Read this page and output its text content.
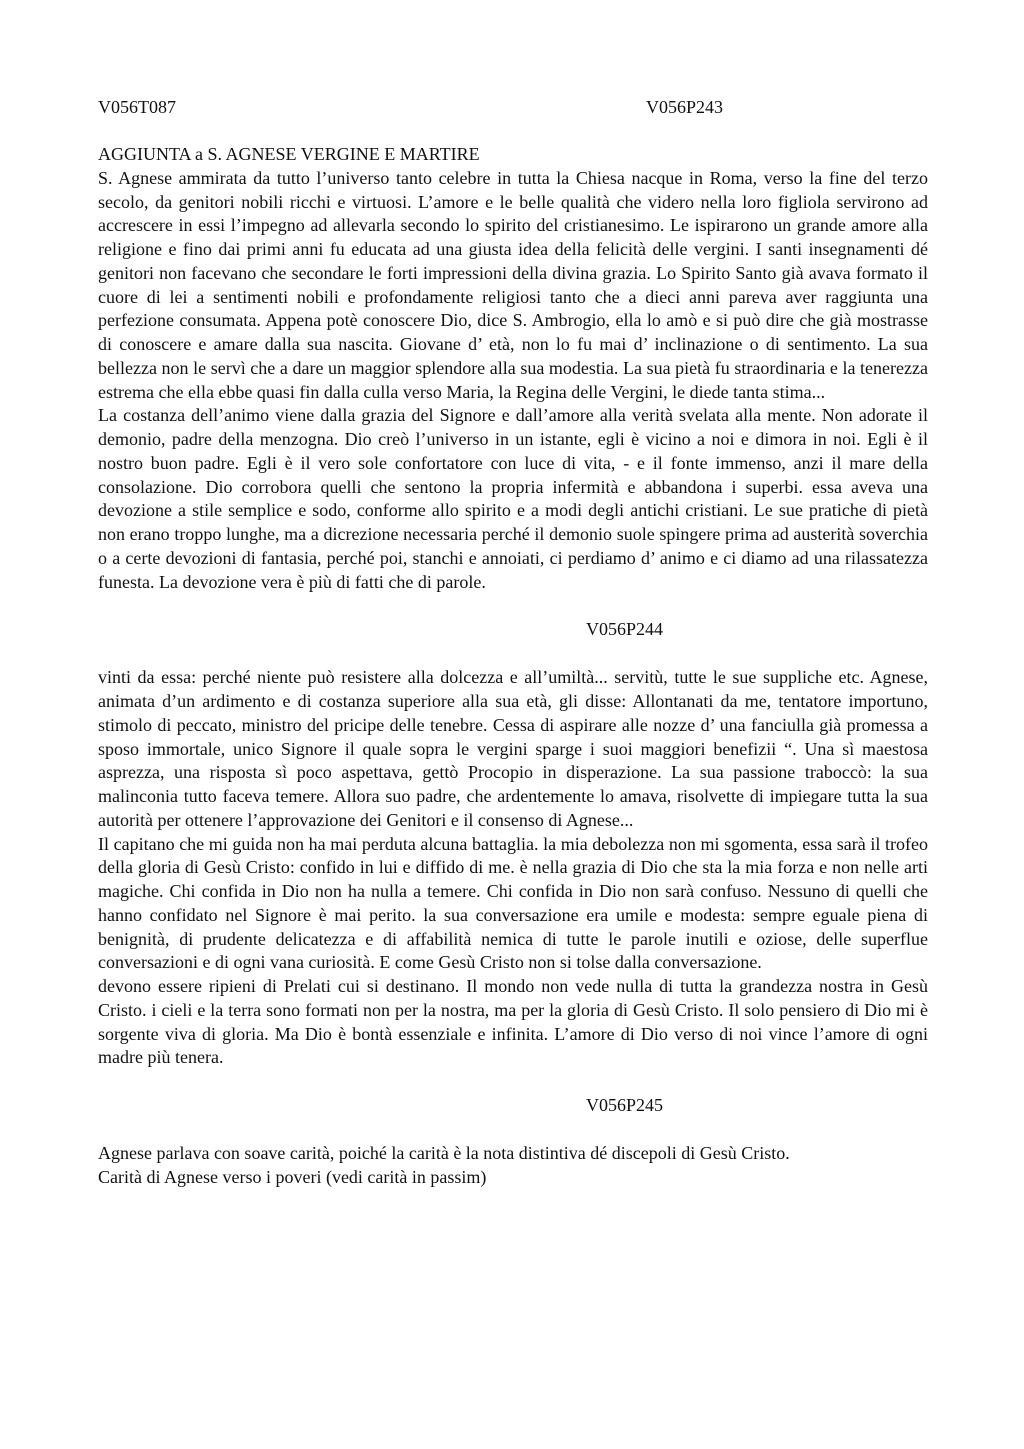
V056T087	V056P243

AGGIUNTA a S. AGNESE VERGINE E MARTIRE

S. Agnese ammirata da tutto l’universo tanto celebre in tutta la Chiesa nacque in Roma, verso la fine del terzo secolo, da genitori nobili ricchi e virtuosi. L’amore e le belle qualità che videro nella loro figliola servirono ad accrescere in essi l’impegno ad allevarla secondo lo spirito del cristianesimo. Le ispirarono un grande amore alla religione e fino dai primi anni fu educata ad una giusta idea della felicità delle vergini. I santi insegnamenti dé genitori non facevano che secondare le forti impressioni della divina grazia. Lo Spirito Santo già avava formato il cuore di lei a sentimenti nobili e profondamente religiosi tanto che a dieci anni pareva aver raggiunta una perfezione consumata. Appena potè conoscere Dio, dice S. Ambrogio, ella lo amò e si può dire che già mostrasse di conoscere e amare dalla sua nascita. Giovane d’ età, non lo fu mai d’ inclinazione o di sentimento. La sua bellezza non le servì che a dare un maggior splendore alla sua modestia. La sua pietà fu straordinaria e la tenerezza estrema che ella ebbe quasi fin dalla culla verso Maria, la Regina delle Vergini, le diede tanta stima...

La costanza dell’animo viene dalla grazia del Signore e dall’amore alla verità svelata alla mente. Non adorate il demonio, padre della menzogna. Dio creò l’universo in un istante, egli è vicino a noi e dimora in noi. Egli è il nostro buon padre. Egli è il vero sole confortatore con luce di vita, - e il fonte immenso, anzi il mare della consolazione. Dio corrobora quelli che sentono la propria infermità e abbandona i superbi. essa aveva una devozione a stile semplice e sodo, conforme allo spirito e a modi degli antichi cristiani. Le sue pratiche di pietà non erano troppo lunghe, ma a dicrezione necessaria perché il demonio suole spingere prima ad austerità soverchia o a certe devozioni di fantasia, perché poi, stanchi e annoiati, ci perdiamo d’ animo e ci diamo ad una rilassatezza funesta. La devozione vera è più di fatti che di parole.

V056P244

vinti da essa: perché niente può resistere alla dolcezza e all’umiltà... servitù, tutte le sue suppliche etc. Agnese, animata d’un ardimento e di costanza superiore alla sua età, gli disse: Allontanati da me, tentatore importuno, stimolo di peccato, ministro del pricipe delle tenebre. Cessa di aspirare alle nozze d’ una fanciulla già promessa a sposo immortale, unico Signore il quale sopra le vergini sparge i suoi maggiori benefizii “. Una sì maestosa asprezza, una risposta sì poco aspettava, gettò Procopio in disperazione. La sua passione traboccò: la sua malinconia tutto faceva temere. Allora suo padre, che ardentemente lo amava, risolvette di impiegare tutta la sua autorità per ottenere l’approvazione dei Genitori e il consenso di Agnese...

Il capitano che mi guida non ha mai perduta alcuna battaglia. la mia debolezza non mi sgomenta, essa sarà il trofeo della gloria di Gesù Cristo: confido in lui e diffido di me. è nella grazia di Dio che sta la mia forza e non nelle arti magiche. Chi confida in Dio non ha nulla a temere. Chi confida in Dio non sarà confuso. Nessuno di quelli che hanno confidato nel Signore è mai perito. la sua conversazione era umile e modesta: sempre eguale piena di benignità, di prudente delicatezza e di affabilità nemica di tutte le parole inutili e oziose, delle superflue conversazioni e di ogni vana curiosità. E come Gesù Cristo non si tolse dalla conversazione.

devono essere ripieni di Prelati cui si destinano. Il mondo non vede nulla di tutta la grandezza nostra in Gesù Cristo. i cieli e la terra sono formati non per la nostra, ma per la gloria di Gesù Cristo. Il solo pensiero di Dio mi è sorgente viva di gloria. Ma Dio è bontà essenziale e infinita. L’amore di Dio verso di noi vince l’amore di ogni madre più tenera.

V056P245

Agnese parlava con soave carità, poiché la carità è la nota distintiva dé discepoli di Gesù Cristo.

Carità di Agnese verso i poveri (vedi carità in passim)
